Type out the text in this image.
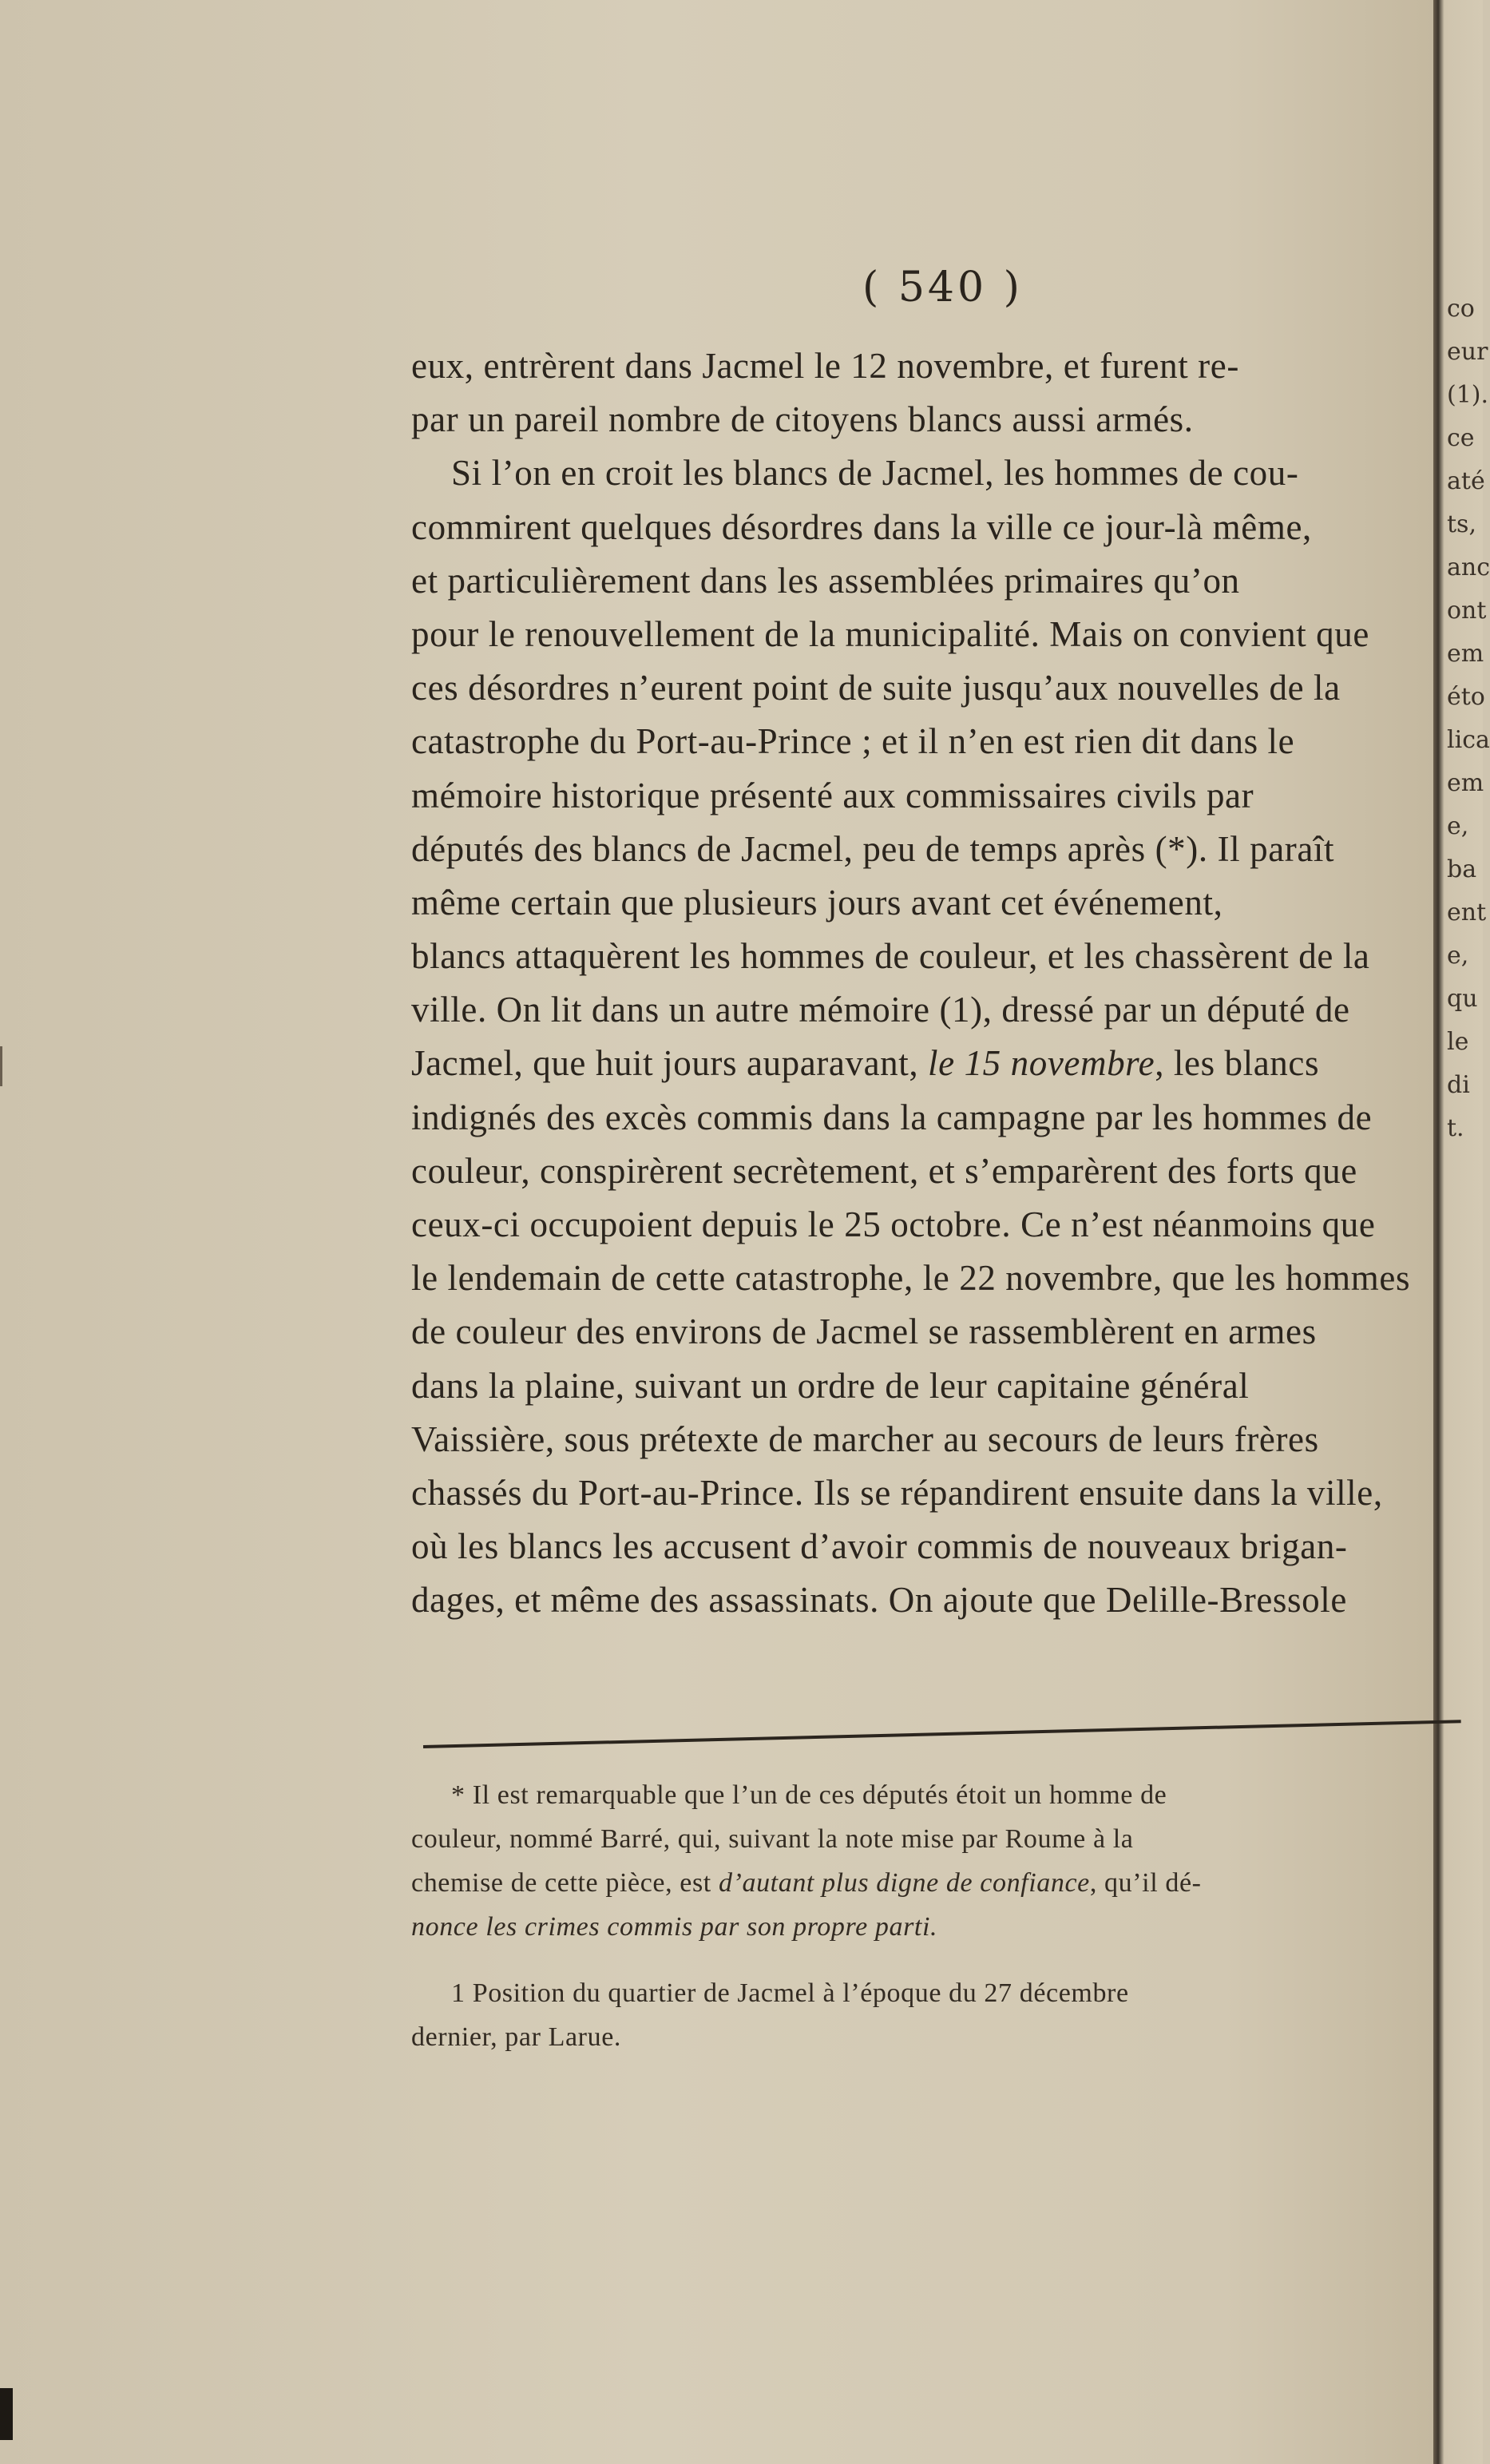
co
eur
(1).
ce
até
ts,
anc
ont
em
éto
lica
em
e,
ba
ent
e,
qu
le
di
t.
( 540 )
eux, entrèrent dans Jacmel le 12 novembre, et furent re-
par un pareil nombre de citoyens blancs aussi armés.
Si l’on en croit les blancs de Jacmel, les hommes de cou-
commirent quelques désordres dans la ville ce jour-là même,
et particulièrement dans les assemblées primaires qu’on
pour le renouvellement de la municipalité. Mais on convient que
ces désordres n’eurent point de suite jusqu’aux nouvelles de la
catastrophe du Port-au-Prince ; et il n’en est rien dit dans le
mémoire historique présenté aux commissaires civils par
députés des blancs de Jacmel, peu de temps après (*). Il paraît
même certain que plusieurs jours avant cet événement,
blancs attaquèrent les hommes de couleur, et les chassèrent de la
ville. On lit dans un autre mémoire (1), dressé par un député de
Jacmel, que huit jours auparavant, le 15 novembre, les blancs
indignés des excès commis dans la campagne par les hommes de
couleur, conspirèrent secrètement, et s’emparèrent des forts que
ceux-ci occupoient depuis le 25 octobre. Ce n’est néanmoins que
le lendemain de cette catastrophe, le 22 novembre, que les hommes
de couleur des environs de Jacmel se rassemblèrent en armes
dans la plaine, suivant un ordre de leur capitaine général
Vaissière, sous prétexte de marcher au secours de leurs frères
chassés du Port-au-Prince. Ils se répandirent ensuite dans la ville,
où les blancs les accusent d’avoir commis de nouveaux brigan-
dages, et même des assassinats. On ajoute que Delille-Bressole
* Il est remarquable que l’un de ces députés étoit un homme de
couleur, nommé Barré, qui, suivant la note mise par Roume à la
chemise de cette pièce, est d’autant plus digne de confiance, qu’il dé-
nonce les crimes commis par son propre parti.
1 Position du quartier de Jacmel à l’époque du 27 décembre
dernier, par Larue.
